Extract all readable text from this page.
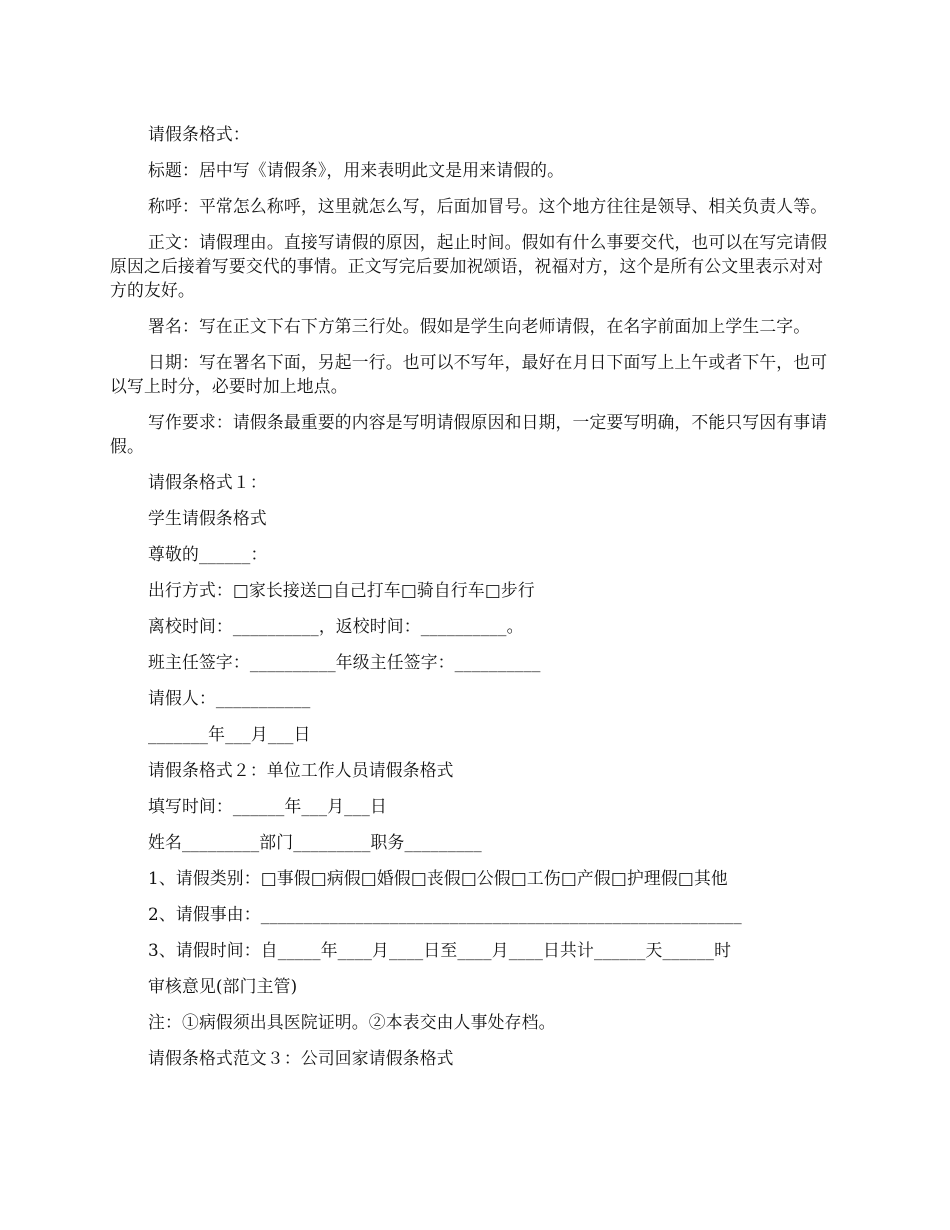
请假条格式：

标题：居中写《请假条》，用来表明此文是用来请假的。

称呼：平常怎么称呼，这里就怎么写，后面加冒号。这个地方往往是领导、相关负责人等。

正文：请假理由。直接写请假的原因，起止时间。假如有什么事要交代，也可以在写完请假原因之后接着写要交代的事情。正文写完后要加祝颂语，祝福对方，这个是所有公文里表示对对方的友好。

署名：写在正文下右下方第三行处。假如是学生向老师请假，在名字前面加上学生二字。

日期：写在署名下面，另起一行。也可以不写年，最好在月日下面写上上午或者下午，也可以写上时分，必要时加上地点。

写作要求：请假条最重要的内容是写明请假原因和日期，一定要写明确，不能只写因有事请假。

请假条格式１：

学生请假条格式

尊敬的______：

出行方式：□家长接送□自己打车□骑自行车□步行

离校时间：__________，返校时间：__________。

班主任签字：__________年级主任签字：__________

请假人：___________

_______年___月___日

请假条格式２：单位工作人员请假条格式

填写时间：______年___月___日

姓名_________部门_________职务_________

1、请假类别：□事假□病假□婚假□丧假□公假□工伤□产假□护理假□其他

2、请假事由：________________________________________________________

3、请假时间：自_____年____月____日至____月____日共计______天______时

审核意见(部门主管)

注：①病假须出具医院证明。②本表交由人事处存档。

请假条格式范文３：公司回家请假条格式
